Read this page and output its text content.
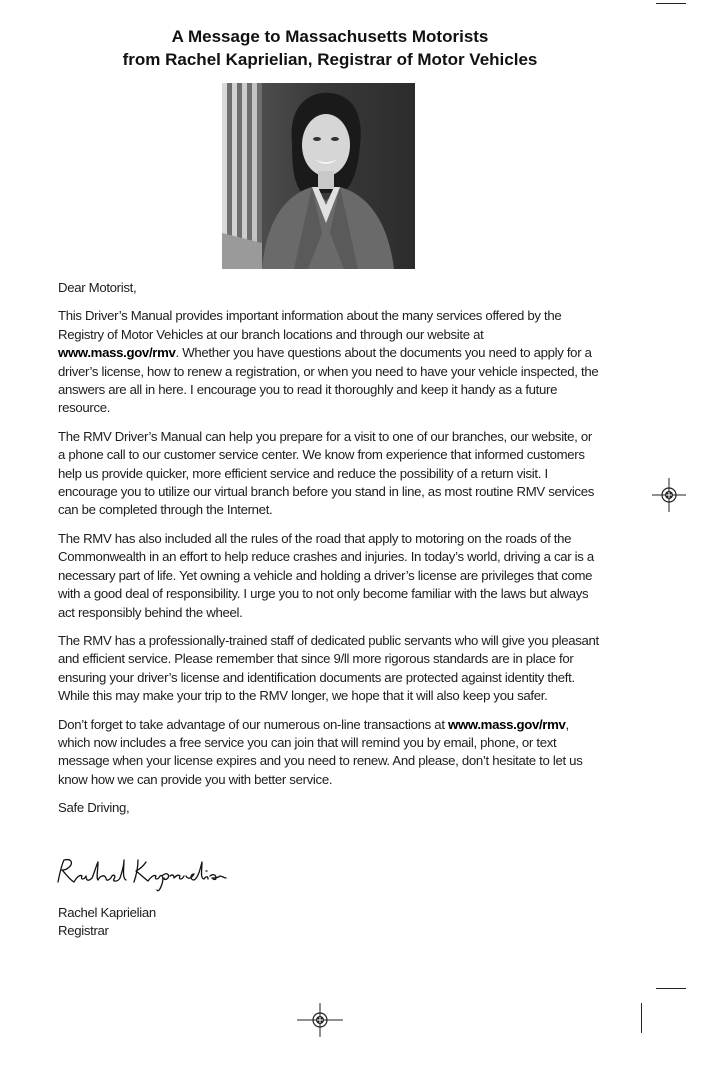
A Message to Massachusetts Motorists
from Rachel Kaprielian, Registrar of Motor Vehicles

Dear Motorist,

This Driver’s Manual provides important information about the many services offered by the Registry of Motor Vehicles at our branch locations and through our website at www.mass.gov/rmv. Whether you have questions about the documents you need to apply for a driver’s license, how to renew a registration, or when you need to have your vehicle inspected, the answers are all in here. I encourage you to read it thoroughly and keep it handy as a future resource.

The RMV Driver’s Manual can help you prepare for a visit to one of our branches, our website, or a phone call to our customer service center. We know from experience that informed customers help us provide quicker, more efficient service and reduce the possibility of a return visit. I encourage you to utilize our virtual branch before you stand in line, as most routine RMV services can be completed through the Internet.

The RMV has also included all the rules of the road that apply to motoring on the roads of the Commonwealth in an effort to help reduce crashes and injuries. In today’s world, driving a car is a necessary part of life. Yet owning a vehicle and holding a driver’s license are privileges that come with a good deal of responsibility. I urge you to not only become familiar with the laws but always act responsibly behind the wheel.

The RMV has a professionally-trained staff of dedicated public servants who will give you pleasant and efficient service. Please remember that since 9/ll more rigorous standards are in place for ensuring your driver’s license and identification documents are protected against identity theft. While this may make your trip to the RMV longer, we hope that it will also keep you safer.

Don’t forget to take advantage of our numerous on-line transactions at www.mass.gov/rmv, which now includes a free service you can join that will remind you by email, phone, or text message when your license expires and you need to renew. And please, don’t hesitate to let us know how we can provide you with better service.

Safe Driving,

Rachel Kaprielian
Registrar
